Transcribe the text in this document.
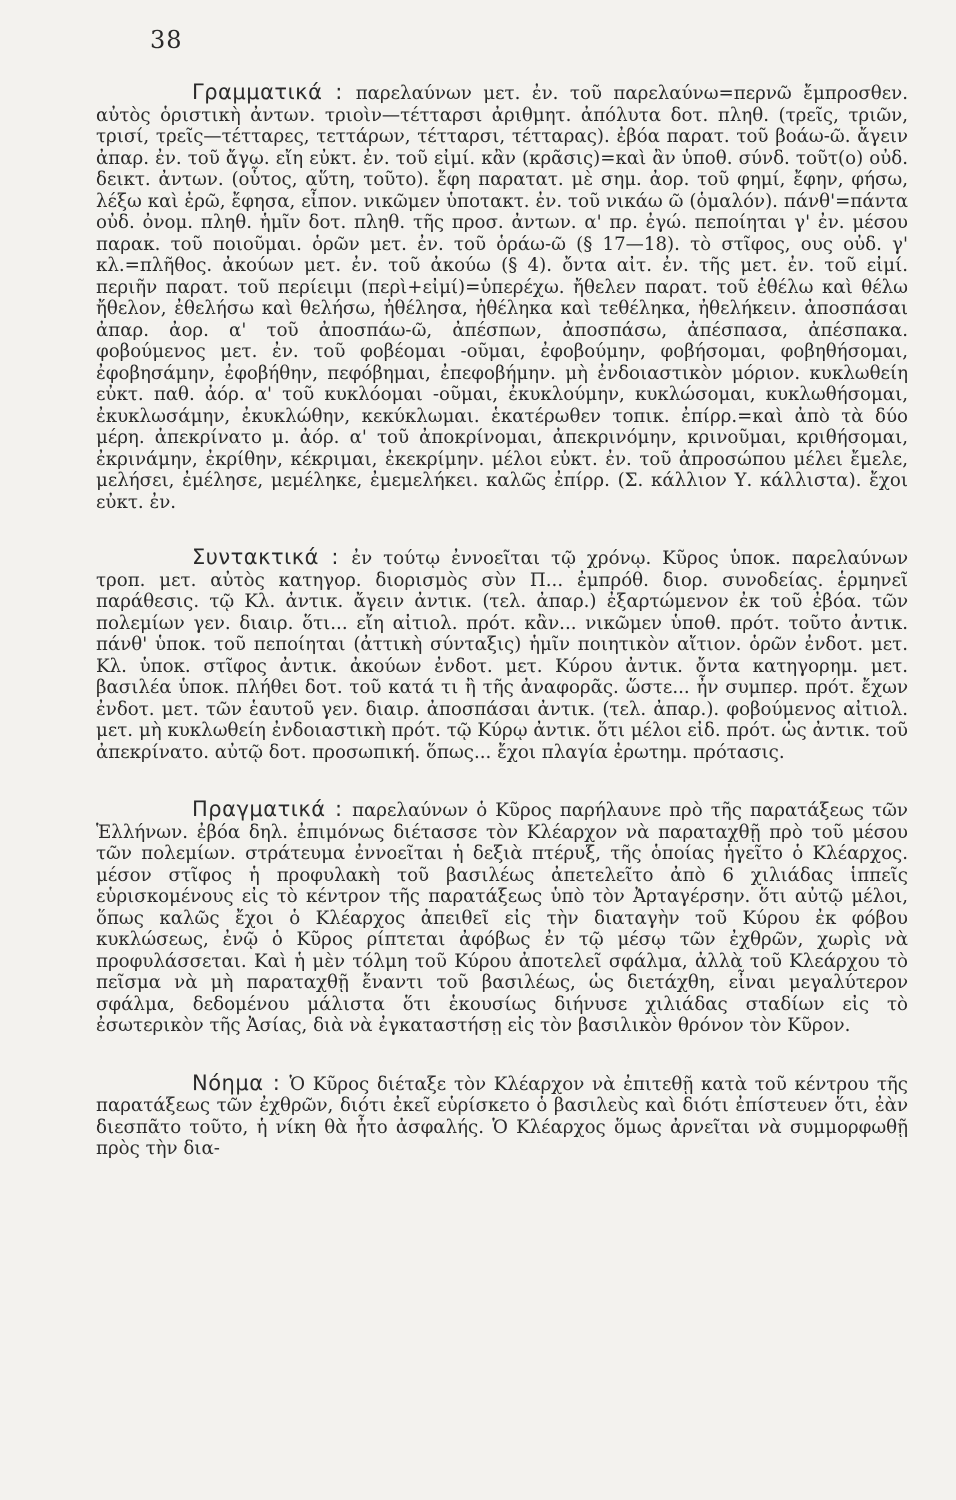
38

Γραμματικά : παρελαύνων μετ. ἐν. τοῦ παρελαύνω=περνῶ ἔμπροσθεν. αὐτὸς ὁριστικὴ ἀντων. τριοὶν—τέτταρσι ἀριθμητ. ἀπόλυτα δοτ. πληθ. (τρεῖς, τριῶν, τρισί, τρεῖς—τέτταρες, τεττάρων, τέτταρσι, τέτταρας). ἐβόα παρατ. τοῦ βοάω-ῶ. ἄγειν ἀπαρ. ἐν. τοῦ ἄγω. εἴη εὐκτ. ἐν. τοῦ εἰμί. κἂν (κρᾶσις)=καὶ ἂν ὑποθ. σύνδ. τοῦτ(ο) οὐδ. δεικτ. ἀντων. (οὗτος, αὕτη, τοῦτο). ἔφη παρατατ. μὲ σημ. ἀορ. τοῦ φημί, ἔφην, φήσω, λέξω καὶ ἐρῶ, ἔφησα, εἶπον. νικῶμεν ὑποτακτ. ἐν. τοῦ νικάω ῶ (ὁμαλόν). πάνθ'=πάντα οὐδ. ὀνομ. πληθ. ἡμῖν δοτ. πληθ. τῆς προσ. ἀντων. α' πρ. ἐγώ. πεποίηται γ' ἐν. μέσου παρακ. τοῦ ποιοῦμαι. ὁρῶν μετ. ἐν. τοῦ ὁράω-ῶ (§ 17—18). τὸ στῖφος, ους οὐδ. γ' κλ.=πλῆθος. ἀκούων μετ. ἐν. τοῦ ἀκούω (§ 4). ὄντα αἰτ. ἐν. τῆς μετ. ἐν. τοῦ εἰμί. περιῆν παρατ. τοῦ περίειμι (περὶ+εἰμί)=ὑπερέχω. ἤθελεν παρατ. τοῦ ἐθέλω καὶ θέλω ἤθελον, ἐθελήσω καὶ θελήσω, ἠθέλησα, ἠθέληκα καὶ τεθέληκα, ἠθελήκειν. ἀποσπάσαι ἀπαρ. ἀορ. α' τοῦ ἀποσπάω-ῶ, ἀπέσπων, ἀποσπάσω, ἀπέσπασα, ἀπέσπακα. φοβούμενος μετ. ἐν. τοῦ φοβέομαι -οῦμαι, ἐφοβούμην, φοβήσομαι, φοβηθήσομαι, ἐφοβησάμην, ἐφοβήθην, πεφόβημαι, ἐπεφοβήμην. μὴ ἐνδοιαστικὸν μόριον. κυκλωθείη εὐκτ. παθ. ἀόρ. α' τοῦ κυκλόομαι -οῦμαι, ἐκυκλούμην, κυκλώσομαι, κυκλωθήσομαι, ἐκυκλωσάμην, ἐκυκλώθην, κεκύκλωμαι. ἑκατέρωθεν τοπικ. ἐπίρρ.=καὶ ἀπὸ τὰ δύο μέρη. ἀπεκρίνατο μ. ἀόρ. α' τοῦ ἀποκρίνομαι, ἀπεκρινόμην, κρινοῦμαι, κριθήσομαι, ἐκρινάμην, ἐκρίθην, κέκριμαι, ἐκεκρίμην. μέλοι εὐκτ. ἐν. τοῦ ἀπροσώπου μέλει ἔμελε, μελήσει, ἐμέλησε, μεμέληκε, ἐμεμελήκει. καλῶς ἐπίρρ. (Σ. κάλλιον Υ. κάλλιστα). ἔχοι εὐκτ. ἐν.

Συντακτικά : ἐν τούτῳ ἐννοεῖται τῷ χρόνῳ. Κῦρος ὑποκ. παρελαύνων τροπ. μετ. αὐτὸς κατηγορ. διορισμὸς σὺν Π... ἐμπρόθ. διορ. συνοδείας. ἑρμηνεῖ παράθεσις. τῷ Κλ. ἀντικ. ἄγειν ἀντικ. (τελ. ἀπαρ.) ἐξαρτώμενον ἐκ τοῦ ἐβόα. τῶν πολεμίων γεν. διαιρ. ὅτι... εἴη αἰτιολ. πρότ. κἂν... νικῶμεν ὑποθ. πρότ. τοῦτο ἀντικ. πάνθ' ὑποκ. τοῦ πεποίηται (ἀττικὴ σύνταξις) ἡμῖν ποιητικὸν αἴτιον. ὁρῶν ἐνδοτ. μετ. Κλ. ὑποκ. στῖφος ἀντικ. ἀκούων ἐνδοτ. μετ. Κύρου ἀντικ. ὄντα κατηγορημ. μετ. βασιλέα ὑποκ. πλήθει δοτ. τοῦ κατά τι ἢ τῆς ἀναφορᾶς. ὥστε... ἦν συμπερ. πρότ. ἔχων ἐνδοτ. μετ. τῶν ἑαυτοῦ γεν. διαιρ. ἀποσπάσαι ἀντικ. (τελ. ἀπαρ.). φοβούμενος αἰτιολ. μετ. μὴ κυκλωθείη ἐνδοιαστικὴ πρότ. τῷ Κύρῳ ἀντικ. ὅτι μέλοι εἰδ. πρότ. ὡς ἀντικ. τοῦ ἀπεκρίνατο. αὐτῷ δοτ. προσωπική. ὅπως... ἔχοι πλαγία ἐρωτημ. πρότασις.

Πραγματικά : παρελαύνων ὁ Κῦρος παρήλαυνε πρὸ τῆς παρατάξεως τῶν Ἑλλήνων. ἐβόα δηλ. ἐπιμόνως διέτασσε τὸν Κλέαρχον νὰ παραταχθῇ πρὸ τοῦ μέσου τῶν πολεμίων. στράτευμα ἐννοεῖται ἡ δεξιὰ πτέρυξ, τῆς ὁποίας ἡγεῖτο ὁ Κλέαρχος. μέσον στῖφος ἡ προφυλακὴ τοῦ βασιλέως ἀπετελεῖτο ἀπὸ 6 χιλιάδας ἱππεῖς εὑρισκομένους εἰς τὸ κέντρον τῆς παρατάξεως ὑπὸ τὸν Ἀρταγέρσην. ὅτι αὐτῷ μέλοι, ὅπως καλῶς ἔχοι ὁ Κλέαρχος ἀπειθεῖ εἰς τὴν διαταγὴν τοῦ Κύρου ἐκ φόβου κυκλώσεως, ἐνῷ ὁ Κῦρος ρίπτεται ἀφόβως ἐν τῷ μέσῳ τῶν ἐχθρῶν, χωρὶς νὰ προφυλάσσεται. Καὶ ἡ μὲν τόλμη τοῦ Κύρου ἀποτελεῖ σφάλμα, ἀλλὰ τοῦ Κλεάρχου τὸ πεῖσμα νὰ μὴ παραταχθῇ ἔναντι τοῦ βασιλέως, ὡς διετάχθη, εἶναι μεγαλύτερον σφάλμα, δεδομένου μάλιστα ὅτι ἑκουσίως διήνυσε χιλιάδας σταδίων εἰς τὸ ἐσωτερικὸν τῆς Ἀσίας, διὰ νὰ ἐγκαταστήσῃ εἰς τὸν βασιλικὸν θρόνον τὸν Κῦρον.

Νόημα : Ὁ Κῦρος διέταξε τὸν Κλέαρχον νὰ ἐπιτεθῇ κατὰ τοῦ κέντρου τῆς παρατάξεως τῶν ἐχθρῶν, διότι ἐκεῖ εὑρίσκετο ὁ βασιλεὺς καὶ διότι ἐπίστευεν ὅτι, ἐὰν διεσπᾶτο τοῦτο, ἡ νίκη θὰ ἦτο ἀσφαλής. Ὁ Κλέαρχος ὅμως ἀρνεῖται νὰ συμμορφωθῇ πρὸς τὴν δια-
